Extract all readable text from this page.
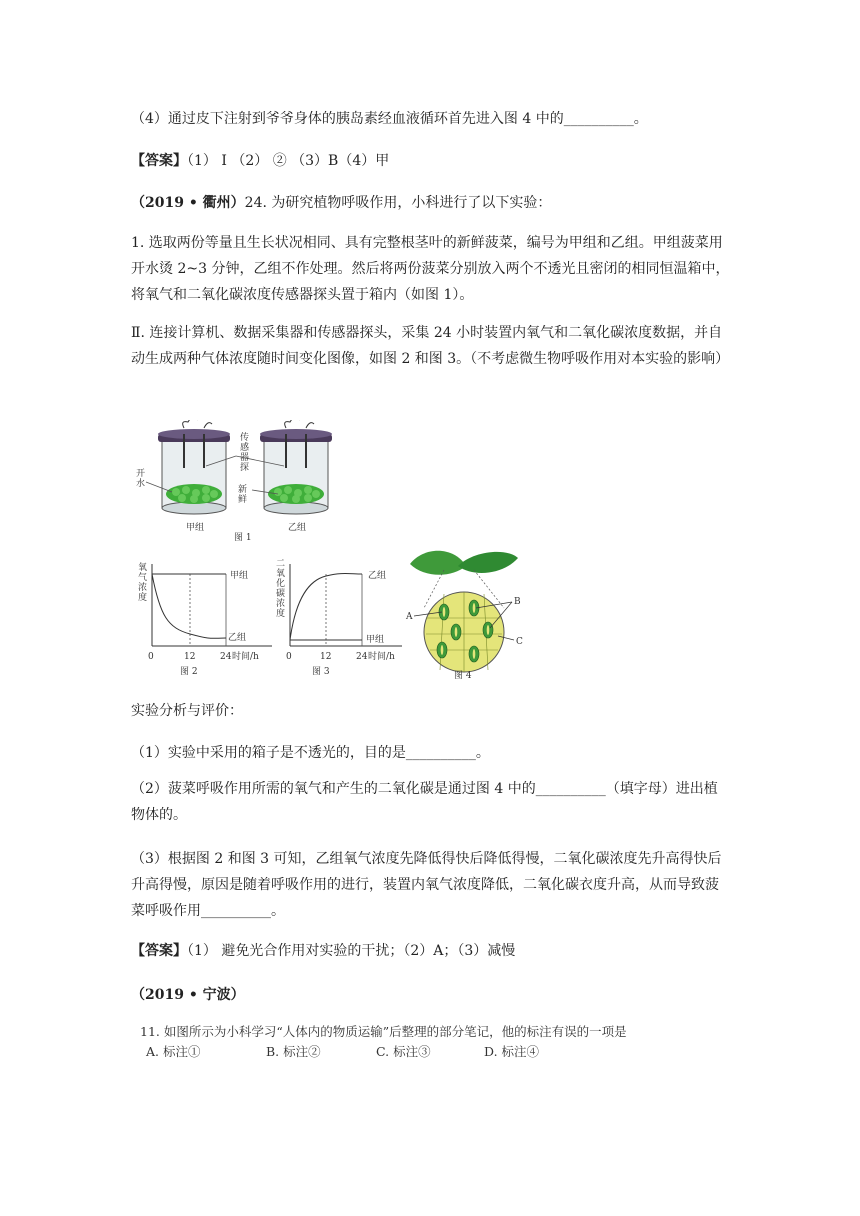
（4）通过皮下注射到爷爷身体的胰岛素经血液循环首先进入图 4 中的__________。

【答案】（1） Ⅰ （2） ② （3）B（4）甲

（2019 • 衢州）24. 为研究植物呼吸作用，小科进行了以下实验：

1. 选取两份等量且生长状况相同、具有完整根茎叶的新鲜菠菜，编号为甲组和乙组。甲组菠菜用开水烫 2~3 分钟，乙组不作处理。然后将两份菠菜分别放入两个不透光且密闭的相同恒温箱中，将氧气和二氧化碳浓度传感器探头置于箱内（如图 1）。

Ⅱ. 连接计算机、数据采集器和传感器探头，采集 24 小时装置内氧气和二氧化碳浓度数据，并自动生成两种气体浓度随时间变化图像，如图 2 和图 3。（不考虑微生物呼吸作用对本实验的影响）

实验分析与评价：

（1）实验中采用的箱子是不透光的，目的是__________。

（2）菠菜呼吸作用所需的氧气和产生的二氧化碳是通过图 4 中的__________（填字母）进出植物体的。

（3）根据图 2 和图 3 可知，乙组氧气浓度先降低得快后降低得慢，二氧化碳浓度先升高得快后升高得慢，原因是随着呼吸作用的进行，装置内氧气浓度降低，二氧化碳衣度升高，从而导致菠菜呼吸作用__________。

【答案】（1） 避免光合作用对实验的干扰；（2）A；（3）减慢

（2019 • 宁波）

11. 如图所示为小科学习“人体内的物质运输”后整理的部分笔记，他的标注有误的一项是
A. 标注①	B. 标注②	C. 标注③	D. 标注④
传感器探
开水
新鲜
甲组	乙组
图 1
氧气浓度
甲组
乙组
0	12	24 时间/h
图 2
二氧化碳浓度
乙组
甲组
0	12	24 时间/h
图 3
A
B
C
图 4
